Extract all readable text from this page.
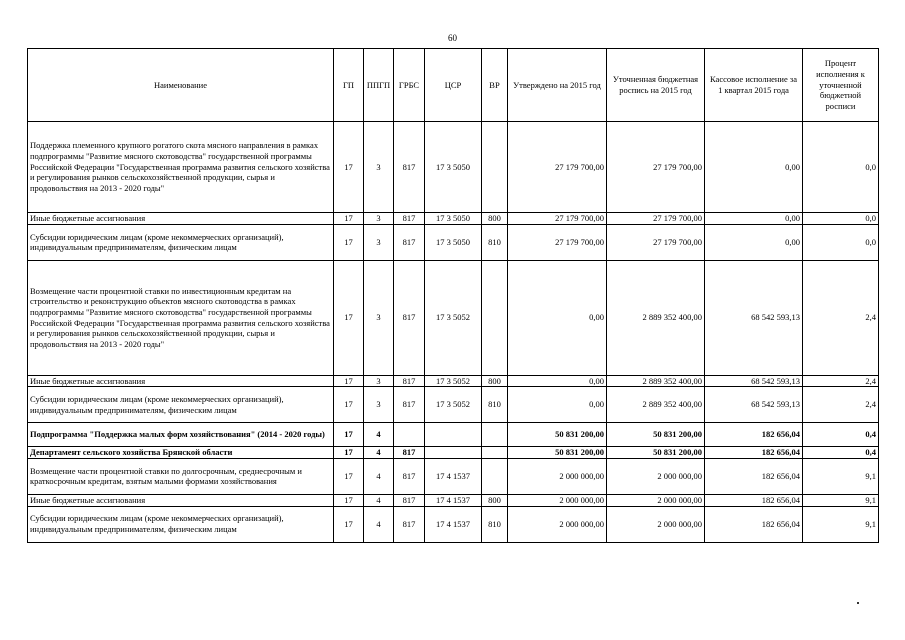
60
Наименование	ГП	ППГП	ГРБС	ЦСР	ВР	Утверждено на 2015 год	Уточненная бюджетная роспись на 2015 год	Кассовое исполнение за 1 квартал 2015 года	Процент исполнения к уточненной бюджетной росписи
Поддержка племенного крупного рогатого скота мясного направления в рамках подпрограммы "Развитие мясного скотоводства" государственной программы Российской Федерации "Государственная программа развития сельского хозяйства и регулирования рынков сельскохозяйственной продукции, сырья и продовольствия на 2013 - 2020 годы"	17	3	817	17 3 5050		27 179 700,00	27 179 700,00	0,00	0,0
Иные бюджетные ассигнования	17	3	817	17 3 5050	800	27 179 700,00	27 179 700,00	0,00	0,0
Субсидии юридическим лицам (кроме некоммерческих организаций), индивидуальным предпринимателям, физическим лицам	17	3	817	17 3 5050	810	27 179 700,00	27 179 700,00	0,00	0,0
Возмещение части процентной ставки по инвестиционным кредитам на строительство и реконструкцию объектов мясного скотоводства в рамках подпрограммы "Развитие мясного скотоводства" государственной программы Российской Федерации "Государственная программа развития сельского хозяйства и регулирования рынков сельскохозяйственной продукции, сырья и продовольствия на 2013 - 2020 годы"	17	3	817	17 3 5052		0,00	2 889 352 400,00	68 542 593,13	2,4
Иные бюджетные ассигнования	17	3	817	17 3 5052	800	0,00	2 889 352 400,00	68 542 593,13	2,4
Субсидии юридическим лицам (кроме некоммерческих организаций), индивидуальным предпринимателям, физическим лицам	17	3	817	17 3 5052	810	0,00	2 889 352 400,00	68 542 593,13	2,4
Подпрограмма "Поддержка малых форм хозяйствования" (2014 - 2020 годы)	17	4				50 831 200,00	50 831 200,00	182 656,04	0,4
Департамент сельского хозяйства Брянской области	17	4	817			50 831 200,00	50 831 200,00	182 656,04	0,4
Возмещение части процентной ставки по долгосрочным, среднесрочным и краткосрочным кредитам, взятым малыми формами хозяйствования	17	4	817	17 4 1537		2 000 000,00	2 000 000,00	182 656,04	9,1
Иные бюджетные ассигнования	17	4	817	17 4 1537	800	2 000 000,00	2 000 000,00	182 656,04	9,1
Субсидии юридическим лицам (кроме некоммерческих организаций), индивидуальным предпринимателям, физическим лицам	17	4	817	17 4 1537	810	2 000 000,00	2 000 000,00	182 656,04	9,1
